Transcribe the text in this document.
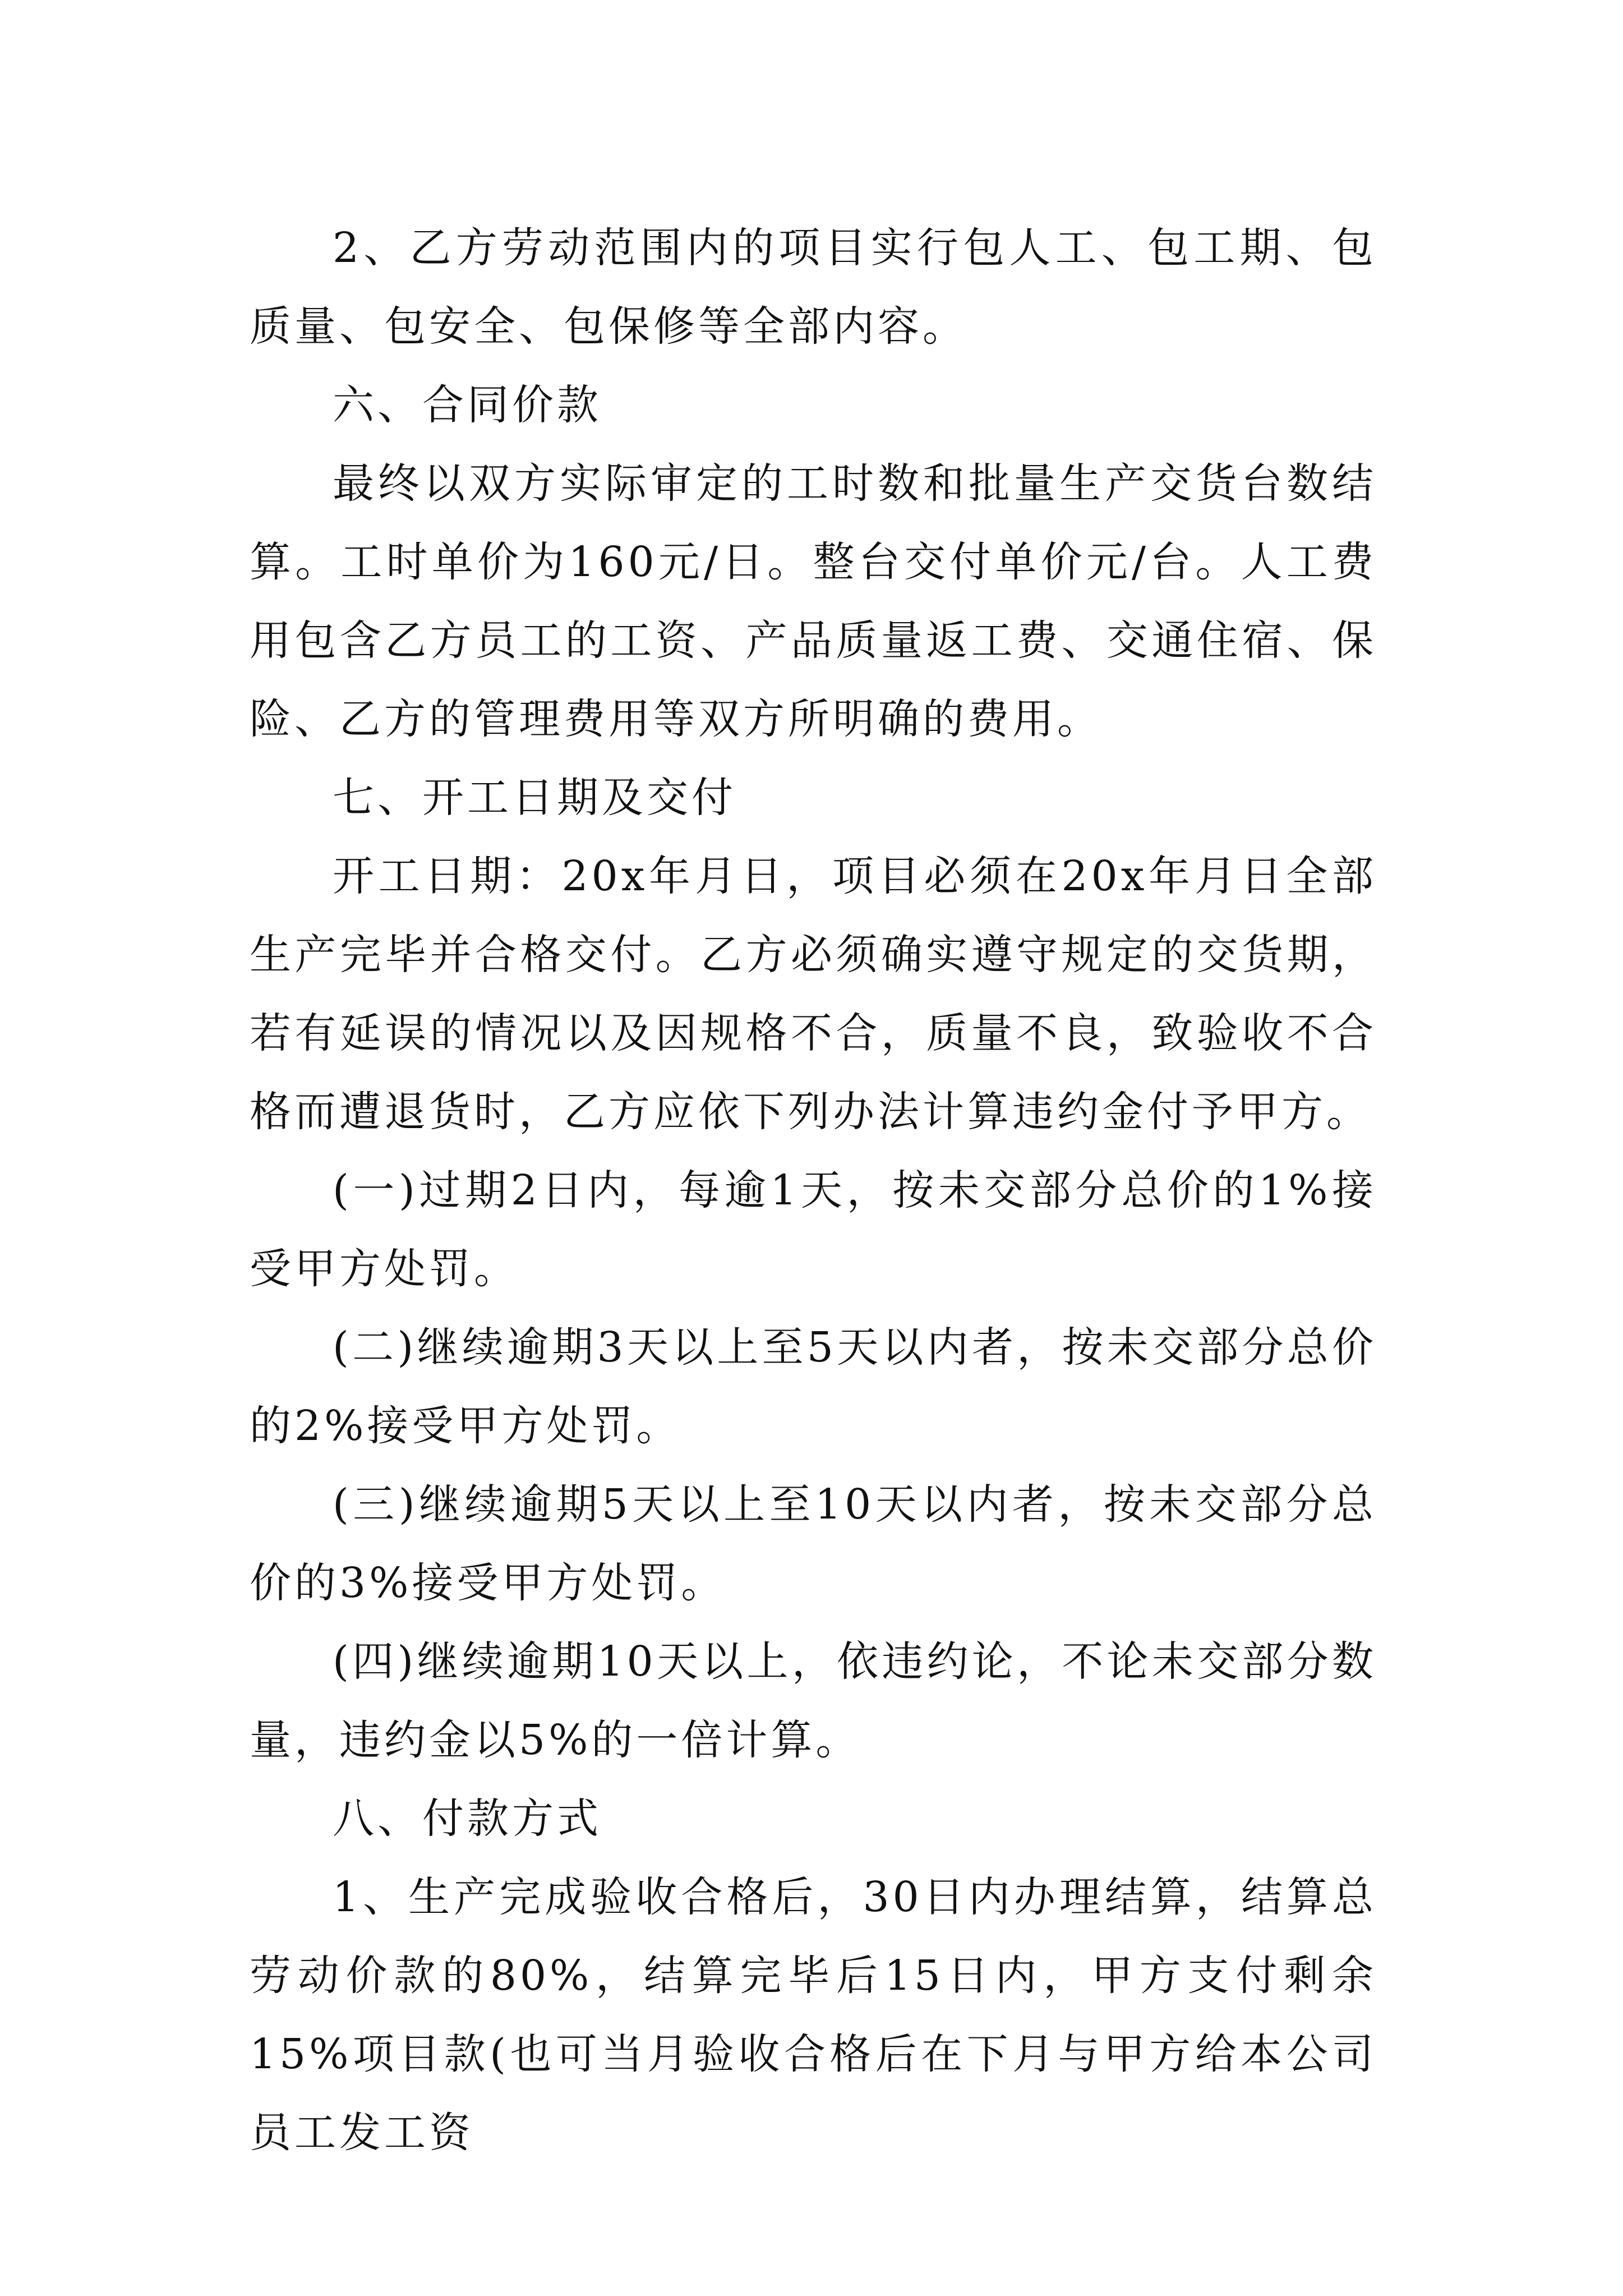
2、乙方劳动范围内的项目实行包人工、包工期、包质量、包安全、包保修等全部内容。

六、合同价款

最终以双方实际审定的工时数和批量生产交货台数结算。工时单价为160元/日。整台交付单价元/台。人工费用包含乙方员工的工资、产品质量返工费、交通住宿、保险、乙方的管理费用等双方所明确的费用。

七、开工日期及交付

开工日期：20x年月日，项目必须在20x年月日全部生产完毕并合格交付。乙方必须确实遵守规定的交货期，若有延误的情况以及因规格不合，质量不良，致验收不合格而遭退货时，乙方应依下列办法计算违约金付予甲方。

(一)过期2日内，每逾1天，按未交部分总价的1%接受甲方处罚。

(二)继续逾期3天以上至5天以内者，按未交部分总价的2%接受甲方处罚。

(三)继续逾期5天以上至10天以内者，按未交部分总价的3%接受甲方处罚。

(四)继续逾期10天以上，依违约论，不论未交部分数量，违约金以5%的一倍计算。

八、付款方式

1、生产完成验收合格后，30日内办理结算，结算总劳动价款的80%，结算完毕后15日内，甲方支付剩余15%项目款(也可当月验收合格后在下月与甲方给本公司员工发工资
